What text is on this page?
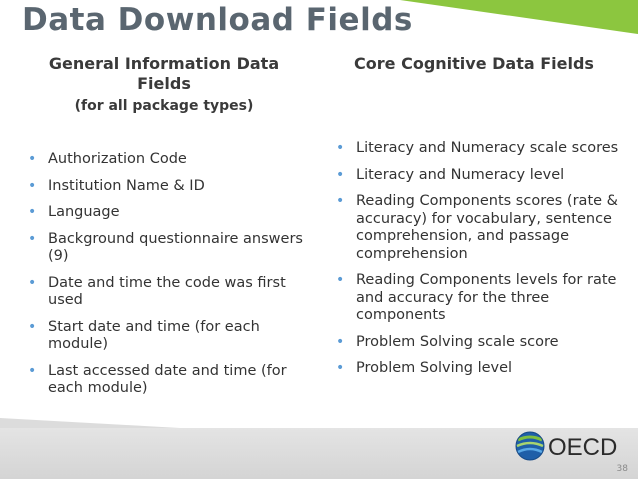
Data Download Fields
General Information Data Fields
(for all package types)
Core Cognitive Data Fields
• Authorization Code
• Institution Name & ID
• Language
• Background questionnaire answers (9)
• Date and time the code was first used
• Start date and time (for each module)
• Last accessed date and time (for each module)
• Literacy and Numeracy scale scores
• Literacy and Numeracy level
• Reading Components scores (rate & accuracy) for vocabulary, sentence comprehension, and passage comprehension
• Reading Components levels for rate and accuracy for the three components
• Problem Solving scale score
• Problem Solving level
OECD
38
